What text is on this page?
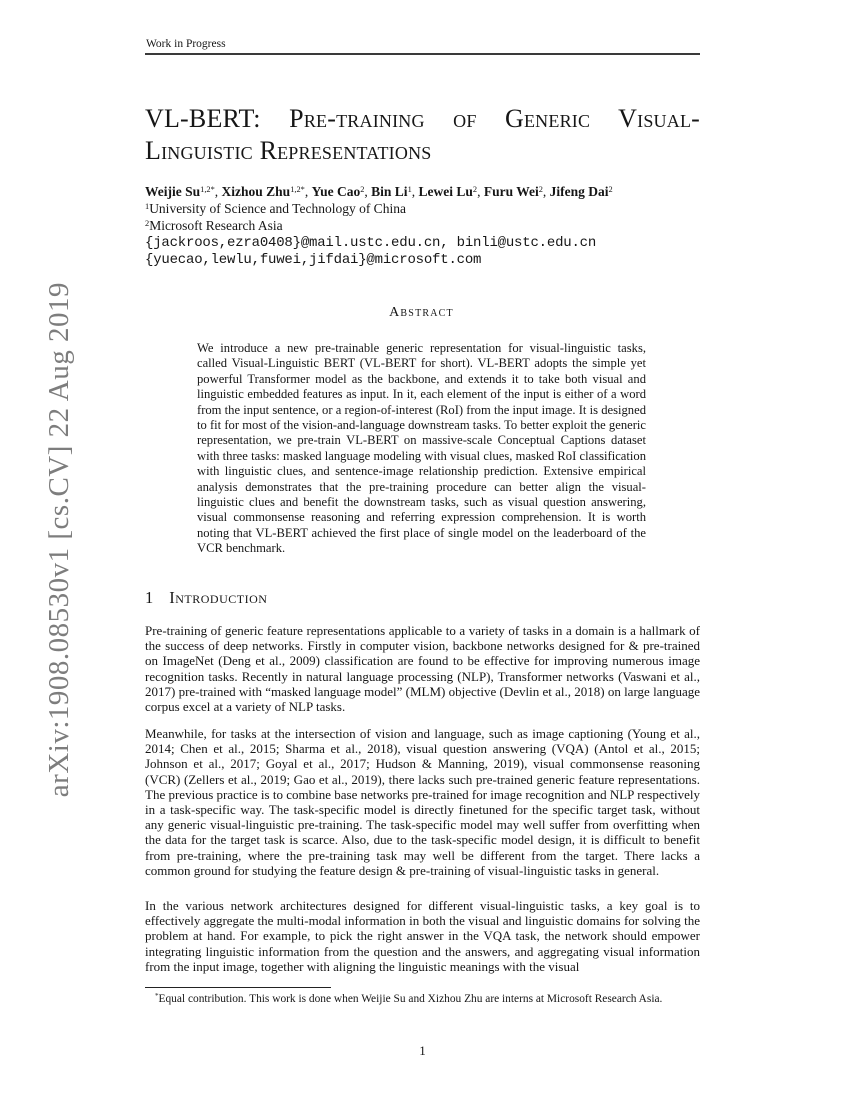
Work in Progress
arXiv:1908.08530v1 [cs.CV] 22 Aug 2019
VL-BERT: Pre-training of Generic Visual-
Linguistic Representations
Weijie $Su^{1,2*}$, Xizhou Zhu$^{1,2*}$, Yue Cao$^2$, Bin Li$^1$, Lewei Lu$^2$, Furu Wei$^2$, Jifeng Dai$^2$
$^1$University of Science and Technology of China
$^2$Microsoft Research Asia
{jackroos,ezra0408}@mail.ustc.edu.cn, binli@ustc.edu.cn
{yuecao,lewlu,fuwei,jifdai}@microsoft.com
Abstract
We introduce a new pre-trainable generic representation for visual-linguistic tasks, called Visual-Linguistic BERT (VL-BERT for short). VL-BERT adopts the simple yet powerful Transformer model as the backbone, and extends it to take both visual and linguistic embedded features as input. In it, each element of the input is either of a word from the input sentence, or a region-of-interest (RoI) from the input image. It is designed to fit for most of the vision-and-language downstream tasks. To better exploit the generic representation, we pre-train VL-BERT on massive-scale Conceptual Captions dataset with three tasks: masked language modeling with visual clues, masked RoI classification with linguistic clues, and sentence-image relationship prediction. Extensive empirical analysis demonstrates that the pre-training procedure can better align the visual-linguistic clues and benefit the downstream tasks, such as visual question answering, visual commonsense reasoning and referring expression comprehension. It is worth noting that VL-BERT achieved the first place of single model on the leaderboard of the VCR benchmark.
1 Introduction
Pre-training of generic feature representations applicable to a variety of tasks in a domain is a hallmark of the success of deep networks. Firstly in computer vision, backbone networks designed for & pre-trained on ImageNet (Deng et al., 2009) classification are found to be effective for improving numerous image recognition tasks. Recently in natural language processing (NLP), Transformer networks (Vaswani et al., 2017) pre-trained with “masked language model” (MLM) objective (Devlin et al., 2018) on large language corpus excel at a variety of NLP tasks.
Meanwhile, for tasks at the intersection of vision and language, such as image captioning (Young et al., 2014; Chen et al., 2015; Sharma et al., 2018), visual question answering (VQA) (Antol et al., 2015; Johnson et al., 2017; Goyal et al., 2017; Hudson & Manning, 2019), visual commonsense reasoning (VCR) (Zellers et al., 2019; Gao et al., 2019), there lacks such pre-trained generic feature representations. The previous practice is to combine base networks pre-trained for image recognition and NLP respectively in a task-specific way. The task-specific model is directly finetuned for the specific target task, without any generic visual-linguistic pre-training. The task-specific model may well suffer from overfitting when the data for the target task is scarce. Also, due to the task-specific model design, it is difficult to benefit from pre-training, where the pre-training task may well be different from the target. There lacks a common ground for studying the feature design & pre-training of visual-linguistic tasks in general.
In the various network architectures designed for different visual-linguistic tasks, a key goal is to effectively aggregate the multi-modal information in both the visual and linguistic domains for solving the problem at hand. For example, to pick the right answer in the VQA task, the network should empower integrating linguistic information from the question and the answers, and aggregating visual information from the input image, together with aligning the linguistic meanings with the visual
*Equal contribution. This work is done when Weijie Su and Xizhou Zhu are interns at Microsoft Research Asia.
1
